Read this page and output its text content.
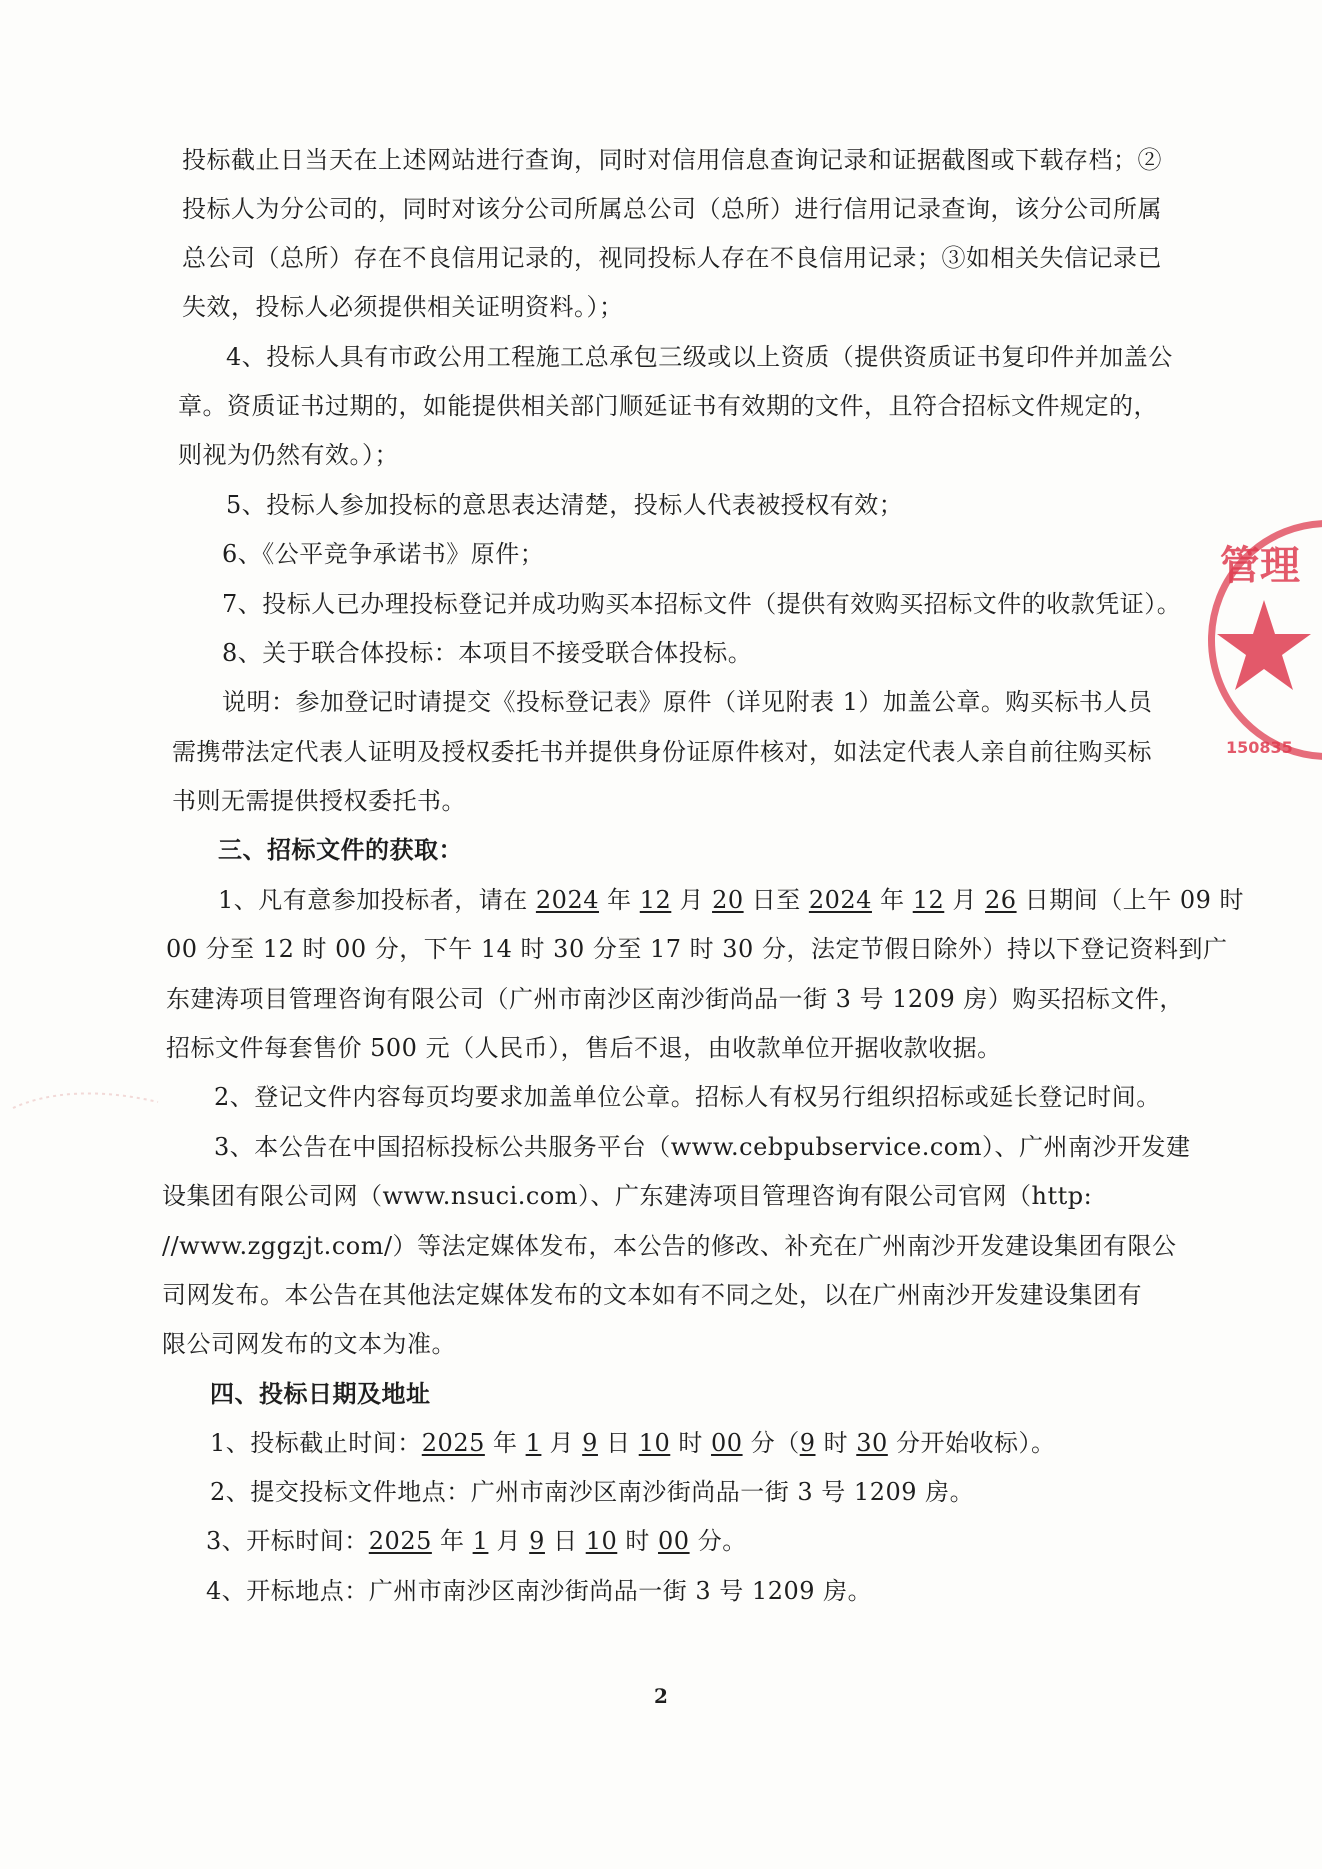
投标截止日当天在上述网站进行查询，同时对信用信息查询记录和证据截图或下载存档；②
投标人为分公司的，同时对该分公司所属总公司（总所）进行信用记录查询，该分公司所属
总公司（总所）存在不良信用记录的，视同投标人存在不良信用记录；③如相关失信记录已
失效，投标人必须提供相关证明资料。）；
4、投标人具有市政公用工程施工总承包三级或以上资质（提供资质证书复印件并加盖公
章。资质证书过期的，如能提供相关部门顺延证书有效期的文件，且符合招标文件规定的，
则视为仍然有效。）；
5、投标人参加投标的意思表达清楚，投标人代表被授权有效；
6、《公平竞争承诺书》原件；
7、投标人已办理投标登记并成功购买本招标文件（提供有效购买招标文件的收款凭证）。
8、关于联合体投标：本项目不接受联合体投标。
说明：参加登记时请提交《投标登记表》原件（详见附表 1）加盖公章。购买标书人员
需携带法定代表人证明及授权委托书并提供身份证原件核对，如法定代表人亲自前往购买标
书则无需提供授权委托书。
三、招标文件的获取：
1、凡有意参加投标者，请在 2024 年 12 月 20 日至 2024 年 12 月 26 日期间（上午 09 时
00 分至 12 时 00 分，下午 14 时 30 分至 17 时 30 分，法定节假日除外）持以下登记资料到广
东建涛项目管理咨询有限公司（广州市南沙区南沙街尚品一街 3 号 1209 房）购买招标文件，
招标文件每套售价 500 元（人民币），售后不退，由收款单位开据收款收据。
2、登记文件内容每页均要求加盖单位公章。招标人有权另行组织招标或延长登记时间。
3、本公告在中国招标投标公共服务平台（www.cebpubservice.com）、广州南沙开发建
设集团有限公司网（www.nsuci.com）、广东建涛项目管理咨询有限公司官网（http:
//www.zggzjt.com/）等法定媒体发布，本公告的修改、补充在广州南沙开发建设集团有限公
司网发布。本公告在其他法定媒体发布的文本如有不同之处，以在广州南沙开发建设集团有
限公司网发布的文本为准。
四、投标日期及地址
1、投标截止时间：2025 年 1 月 9 日 10 时 00 分（9 时 30 分开始收标）。
2、提交投标文件地点：广州市南沙区南沙街尚品一街 3 号 1209 房。
3、开标时间：2025 年 1 月 9 日 10 时 00 分。
4、开标地点：广州市南沙区南沙街尚品一街 3 号 1209 房。
2
管理
150835
